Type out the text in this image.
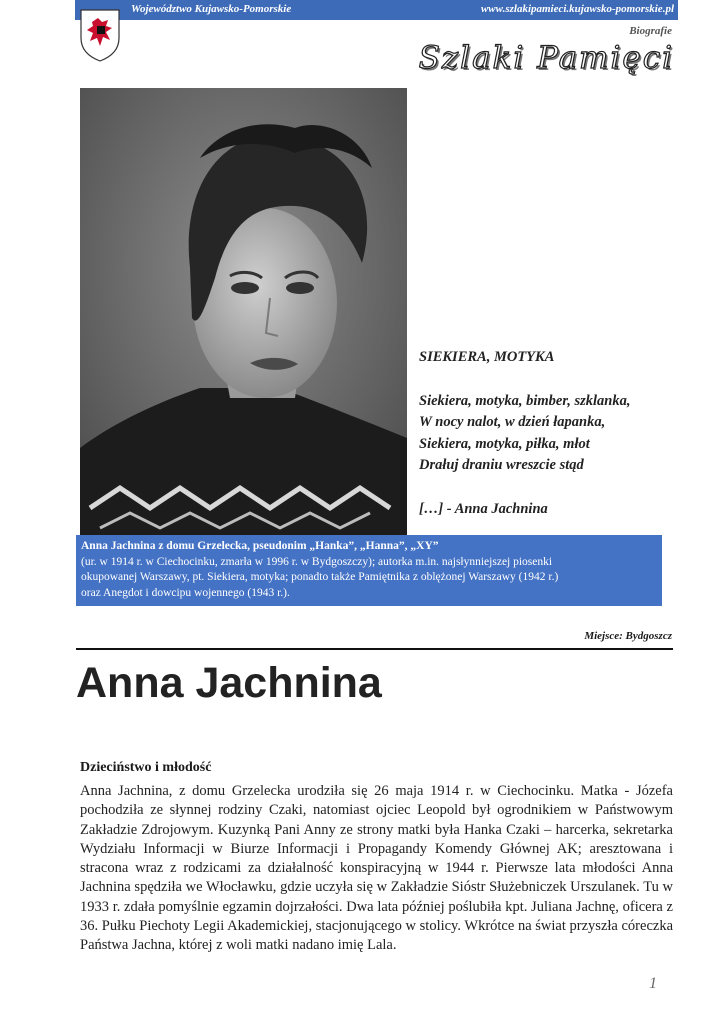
Województwo Kujawsko-Pomorskie	www.szlakipamieci.kujawsko-pomorskie.pl
Biografie
Szlaki Pamięci
SIEKIERA, MOTYKA
Siekiera, motyka, bimber, szklanka,
W nocy nalot, w dzień łapanka,
Siekiera, motyka, piłka, młot
Drałuj draniu wreszcie stąd
[…] - Anna Jachnina
Anna Jachnina z domu Grzelecka, pseudonim „Hanka”, „Hanna”, „XY”
(ur. w 1914 r. w Ciechocinku, zmarła w 1996 r. w Bydgoszczy); autorka m.in. najsłynniejszej piosenki
okupowanej Warszawy, pt. Siekiera, motyka; ponadto także Pamiętnika z oblężonej Warszawy (1942 r.)
oraz Anegdot i dowcipu wojennego (1943 r.).
Miejsce: Bydgoszcz
Anna Jachnina
Dzieciństwo i młodość
Anna Jachnina, z domu Grzelecka urodziła się 26 maja 1914 r. w Ciechocinku. Matka - Józefa pochodziła ze słynnej rodziny Czaki, natomiast ojciec Leopold był ogrodnikiem w Państwowym Zakładzie Zdrojowym. Kuzynką Pani Anny ze strony matki była Hanka Czaki – harcerka, sekretarka Wydziału Informacji w Biurze Informacji i Propagandy Komendy Głównej AK; aresztowana i stracona wraz z rodzicami za działalność konspiracyjną w 1944 r. Pierwsze lata młodości Anna Jachnina spędziła we Włocławku, gdzie uczyła się w Zakładzie Sióstr Służebniczek Urszulanek. Tu w 1933 r. zdała pomyślnie egzamin dojrzałości. Dwa lata później poślubiła kpt. Juliana Jachnę, oficera z 36. Pułku Piechoty Legii Akademickiej, stacjonującego w stolicy. Wkrótce na świat przyszła córeczka Państwa Jachna, której z woli matki nadano imię Lala.
1
